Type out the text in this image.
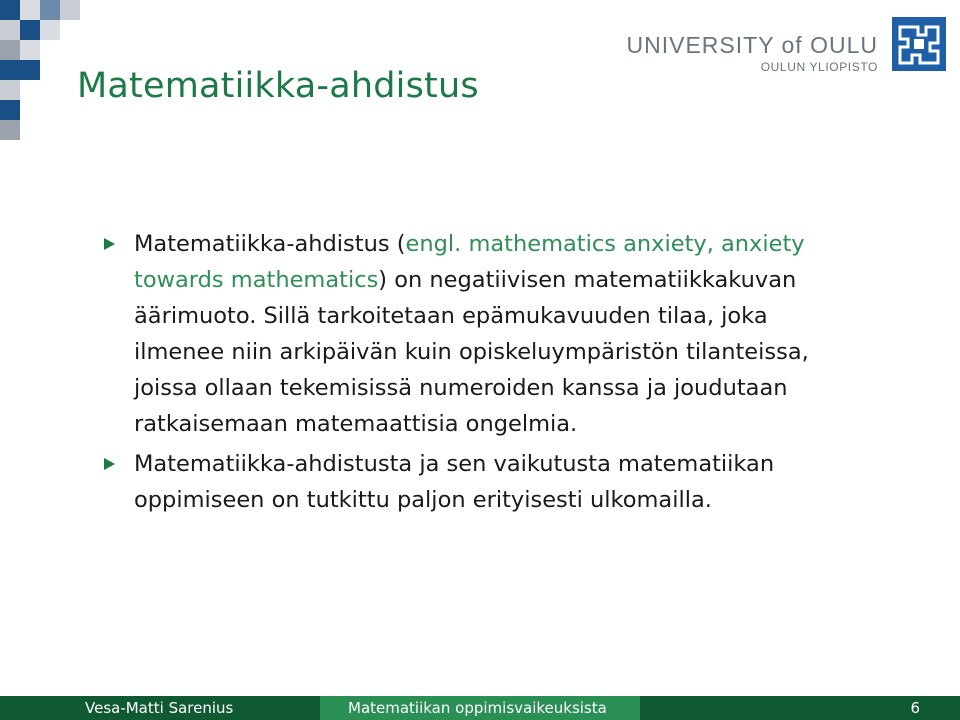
Matematiikka-ahdistus
UNIVERSITY of OULU
OULUN YLIOPISTO
Matematiikka-ahdistus (engl. mathematics anxiety, anxiety towards mathematics) on negatiivisen matematiikkakuvan äärimuoto. Sillä tarkoitetaan epämukavuuden tilaa, joka ilmenee niin arkipäivän kuin opiskeluympäristön tilanteissa, joissa ollaan tekemisissä numeroiden kanssa ja joudutaan ratkaisemaan matemaattisia ongelmia.
Matematiikka-ahdistusta ja sen vaikutusta matematiikan oppimiseen on tutkittu paljon erityisesti ulkomailla.
Vesa-Matti Sarenius	Matematiikan oppimisvaikeuksista	6
